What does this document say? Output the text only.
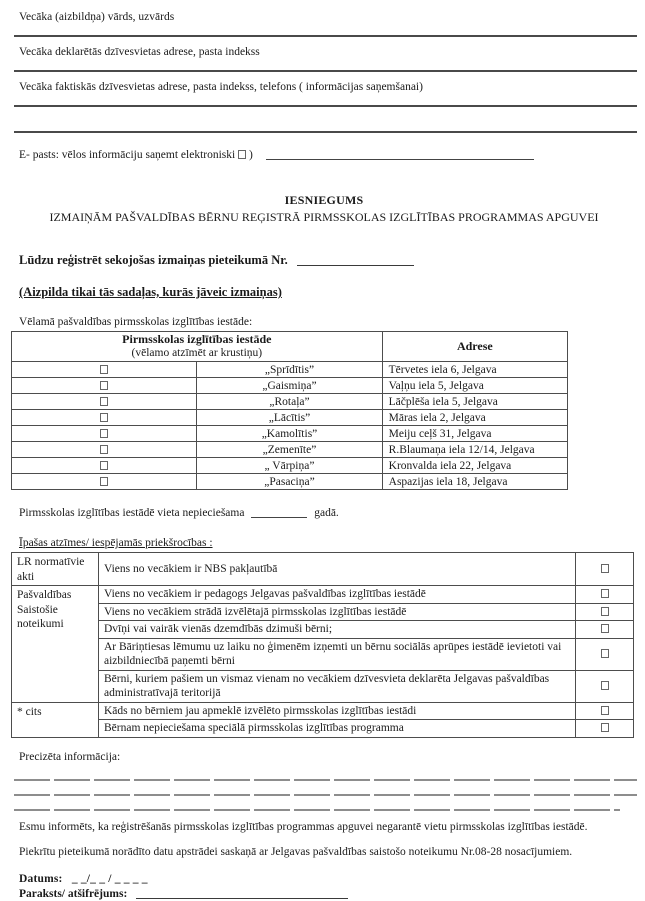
Vecāka (aizbildņa) vārds, uzvārds
Vecāka deklarētās dzīvesvietas adrese, pasta indekss
Vecāka faktiskās dzīvesvietas adrese, pasta indekss, telefons ( informācijas saņemšanai)
E- pasts: vēlos informāciju saņemt elektroniski )
IESNIEGUMS
IZMAIŅĀM PAŠVALDĪBAS BĒRNU REĢISTRĀ PIRMSSKOLAS IZGLĪTĪBAS PROGRAMMAS APGUVEI
Lūdzu reģistrēt sekojošas izmaiņas pieteikumā Nr.
(Aizpilda tikai tās sadaļas, kurās jāveic izmaiņas)
Vēlamā pašvaldības pirmsskolas izglītības iestāde:
Pirmsskolas izglītības iestāde
(vēlamo atzīmēt ar krustiņu)		Adrese
	„Sprīdītis”	Tērvetes iela 6, Jelgava
	„Gaismiņa”	Vaļņu iela 5, Jelgava
	„Rotaļa”	Lāčplēša iela 5, Jelgava
	„Lācītis”	Māras iela 2, Jelgava
	„Kamolītis”	Meiju ceļš 31, Jelgava
	„Zemenīte”	R.Blaumaņa iela 12/14, Jelgava
	„ Vārpiņa”	Kronvalda iela 22, Jelgava
	„Pasaciņa”	Aspazijas iela 18, Jelgava
Pirmsskolas izglītības iestādē vieta nepieciešama	gadā.
Īpašas atzīmes/ iespējamās priekšrocības :
LR normatīvie akti	Viens no vecākiem ir NBS pakļautībā	
Pašvaldības Saistošie noteikumi	Viens no vecākiem ir pedagogs Jelgavas pašvaldības izglītības iestādē	
	Viens no vecākiem strādā izvēlētajā pirmsskolas izglītības iestādē	
	Dvīņi vai vairāk vienās dzemdībās dzimuši bērni;	
	Ar Bāriņtiesas lēmumu uz laiku no ģimenēm izņemti un bērnu sociālās aprūpes iestādē ievietoti vai aizbildniecībā paņemti bērni	
	Bērni, kuriem pašiem un vismaz vienam no vecākiem dzīvesvieta deklarēta Jelgavas pašvaldības administratīvajā teritorijā	
* cits	Kāds no bērniem jau apmeklē izvēlēto pirmsskolas izglītības iestādi	
	Bērnam nepieciešama speciālā pirmsskolas izglītības programma	
Precizēta informācija:
Esmu informēts, ka reģistrēšanās pirmsskolas izglītības programmas apguvei negarantē vietu pirmsskolas izglītības iestādē.
Piekrītu pieteikumā norādīto datu apstrādei saskaņā ar Jelgavas pašvaldības saistošo noteikumu Nr.08-28 nosacījumiem.
Datums: _ _/_ _ / _ _ _ _
Paraksts/ atšifrējums:
